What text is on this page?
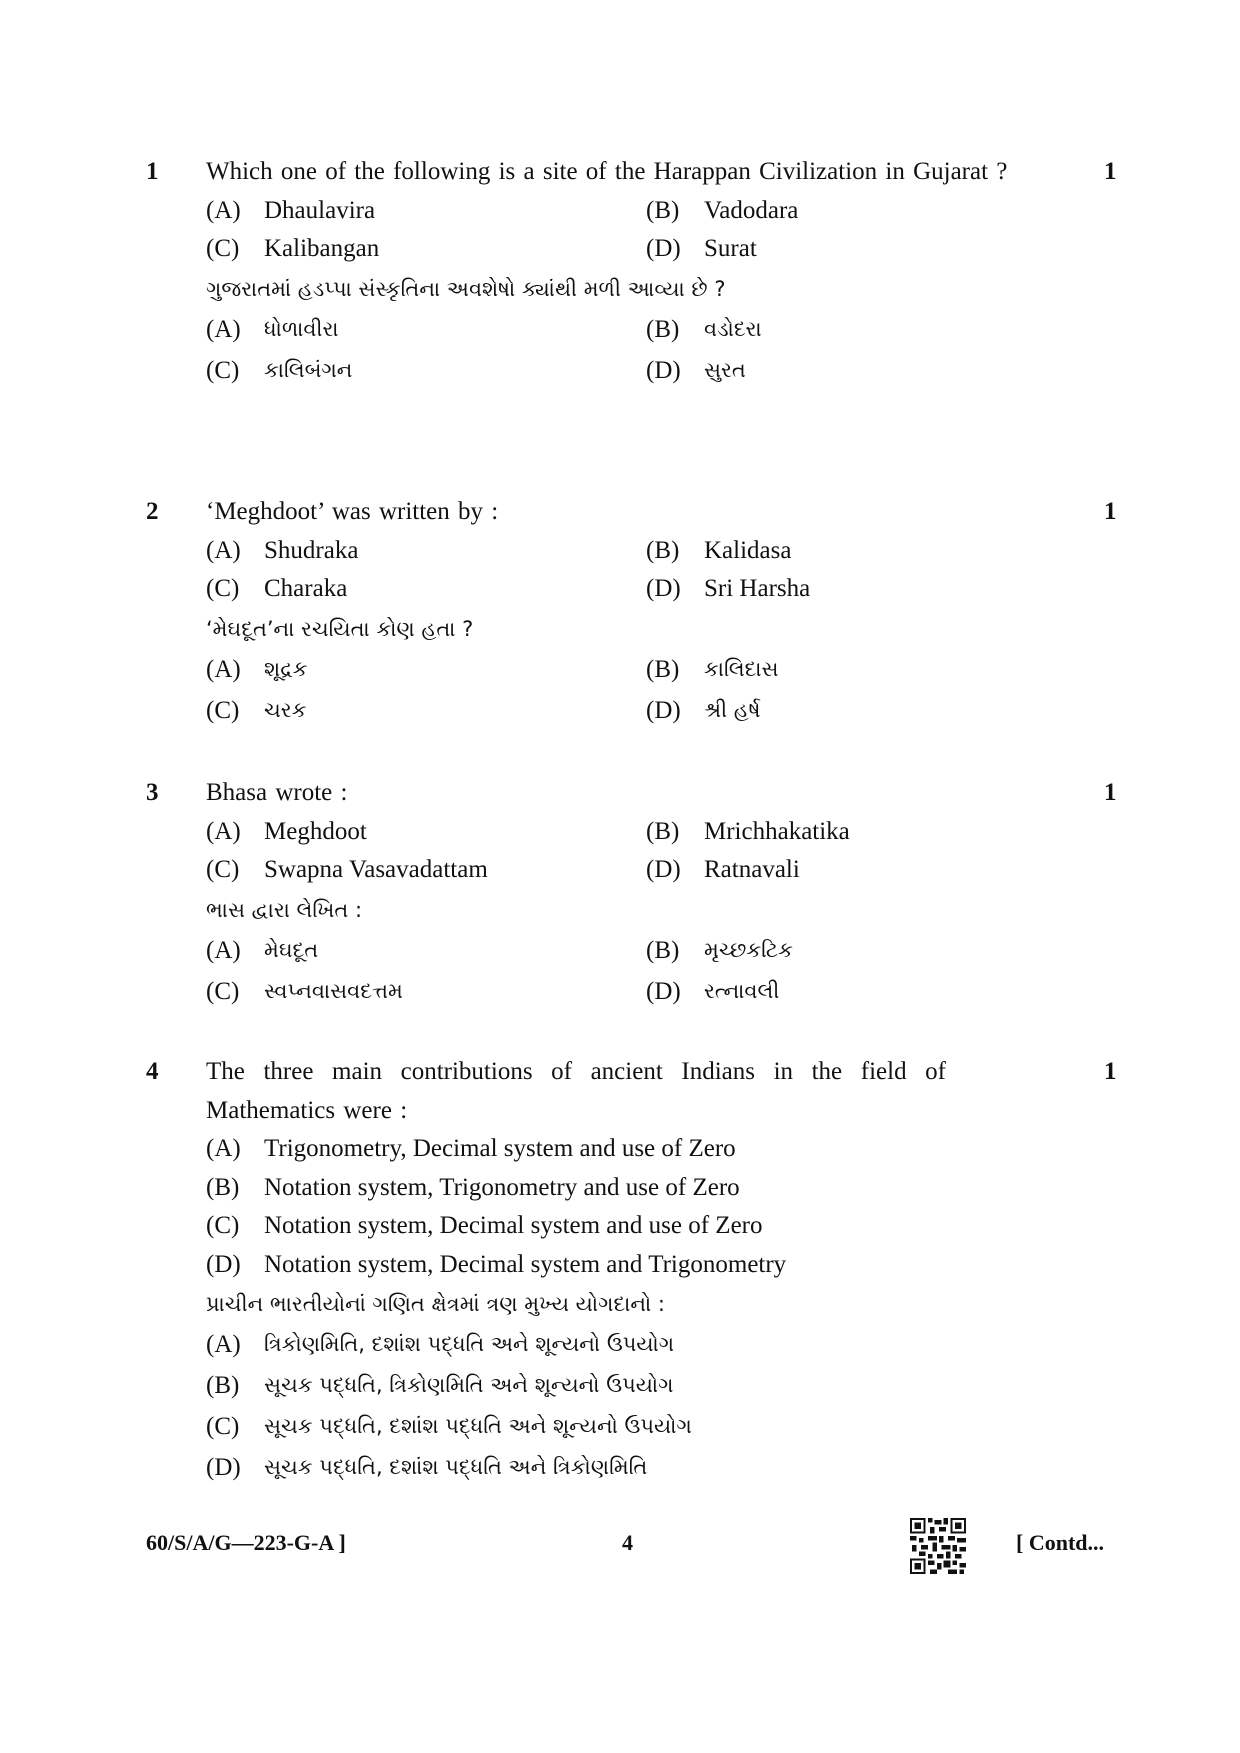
1	1

Which one of the following is a site of the Harappan Civilization in Gujarat ?

(A) Dhaulavira	(B) Vadodara
(C) Kalibangan	(D) Surat

ગુજરાતમાં હડપ્પા સંસ્કૃતિના અવશેષો ક્યાંથી મળી આવ્યા છે ?

(A)	ધોળાવીરા	(B)	વડોદરા
(C)	કાલિબંગન	(D)	સુરત
2	1

‘Meghdoot’ was written by :

(A) Shudraka	(B) Kalidasa
(C) Charaka	(D) Sri Harsha

‘મેઘદૂત’ના રચયિતા કોણ હતા ?

(A)	શૂદ્રક	(B)	કાલિદાસ
(C)	ચરક	(D)	શ્રી હર્ષ
3	1

Bhasa wrote :

(A) Meghdoot	(B) Mrichhakatika
(C) Swapna Vasavadattam	(D) Ratnavali

ભાસ દ્વારા લેખિત :

(A)	મેઘદૂત	(B)	મૃચ્છકટિક
(C)	સ્વપ્નવાસવદત્તમ	(D)	રત્નાવલી
4	1

The three main contributions of ancient Indians in the field of Mathematics were :

(A) Trigonometry, Decimal system and use of Zero
(B) Notation system, Trigonometry and use of Zero
(C) Notation system, Decimal system and use of Zero
(D) Notation system, Decimal system and Trigonometry

પ્રાચીન ભારતીયોનાં ગણિત ક્ષેત્રમાં ત્રણ મુખ્ય યોગદાનો :

(A)	ત્રિકોણમિતિ, દશાંશ પદ્ધતિ અને શૂન્યનો ઉપયોગ
(B)	સૂચક પદ્ધતિ, ત્રિકોણમિતિ અને શૂન્યનો ઉપયોગ
(C)	સૂચક પદ્ધતિ, દશાંશ પદ્ધતિ અને શૂન્યનો ઉપયોગ
(D)	સૂચક પદ્ધતિ, દશાંશ પદ્ધતિ અને ત્રિકોણમિતિ
60/S/A/G—223-G-A ]	4	[ Contd...
